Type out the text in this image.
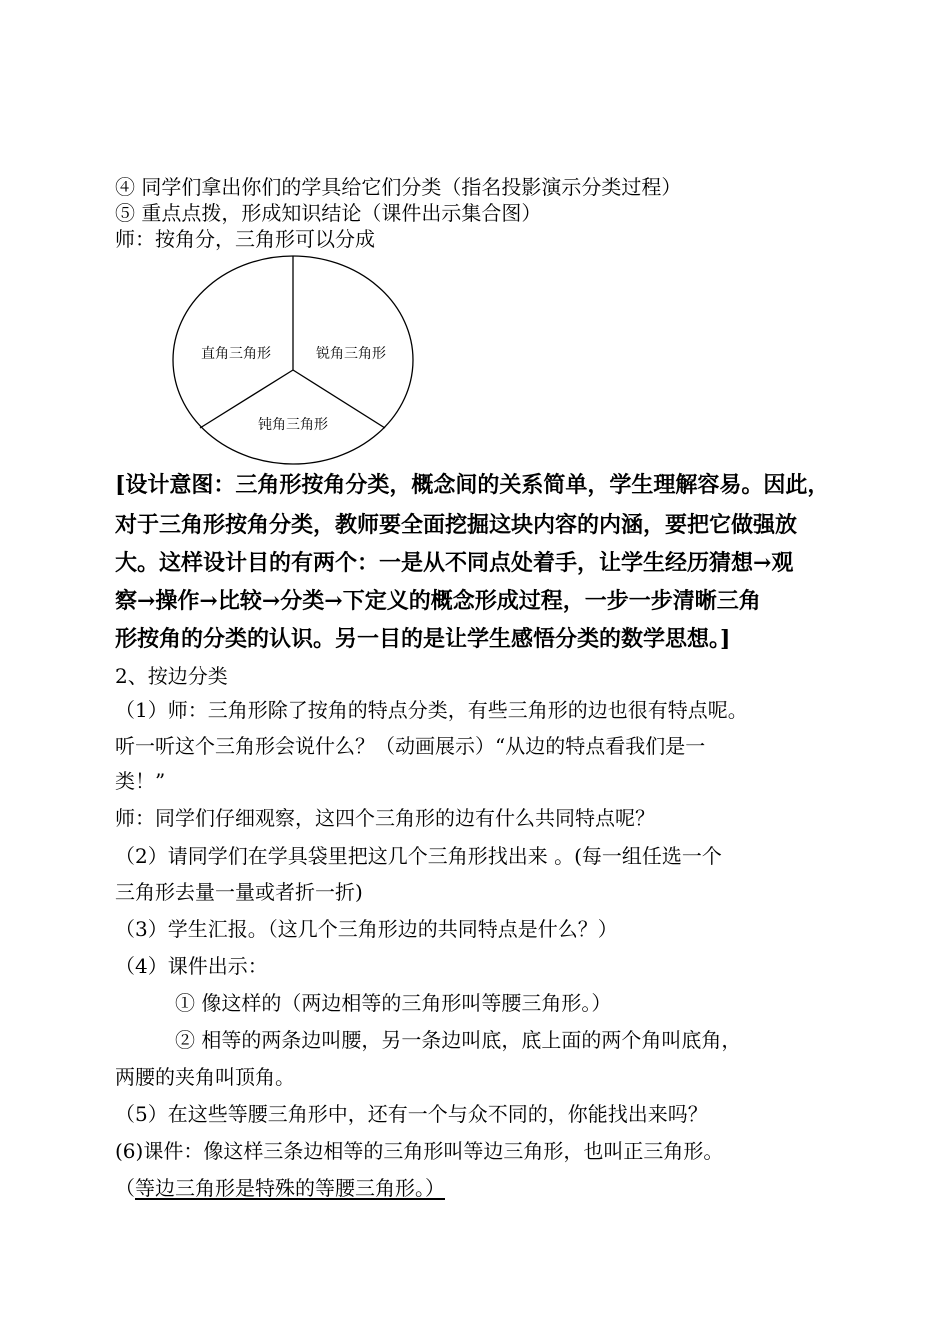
④ 同学们拿出你们的学具给它们分类（指名投影演示分类过程）
⑤ 重点点拨，形成知识结论（课件出示集合图）
师：按角分，三角形可以分成
直角三角形	锐角三角形
钝角三角形
[设计意图：三角形按角分类，概念间的关系简单，学生理解容易。因此，
对于三角形按角分类，教师要全面挖掘这块内容的内涵，要把它做强放
大。这样设计目的有两个：一是从不同点处着手，让学生经历猜想→观
察→操作→比较→分类→下定义的概念形成过程，一步一步清晰三角
形按角的分类的认识。另一目的是让学生感悟分类的数学思想。]
2、按边分类
（1）师：三角形除了按角的特点分类，有些三角形的边也很有特点呢。
听一听这个三角形会说什么？（动画展示）“从边的特点看我们是一
类！”
师：同学们仔细观察，这四个三角形的边有什么共同特点呢？
（2）请同学们在学具袋里把这几个三角形找出来 。(每一组任选一个
三角形去量一量或者折一折)
（3）学生汇报。（这几个三角形边的共同特点是什么？）
（4）课件出示：
① 像这样的（两边相等的三角形叫等腰三角形。）
② 相等的两条边叫腰，另一条边叫底，底上面的两个角叫底角，
两腰的夹角叫顶角。
（5）在这些等腰三角形中，还有一个与众不同的，你能找出来吗？
(6)课件：像这样三条边相等的三角形叫等边三角形，也叫正三角形。
（等边三角形是特殊的等腰三角形。）
